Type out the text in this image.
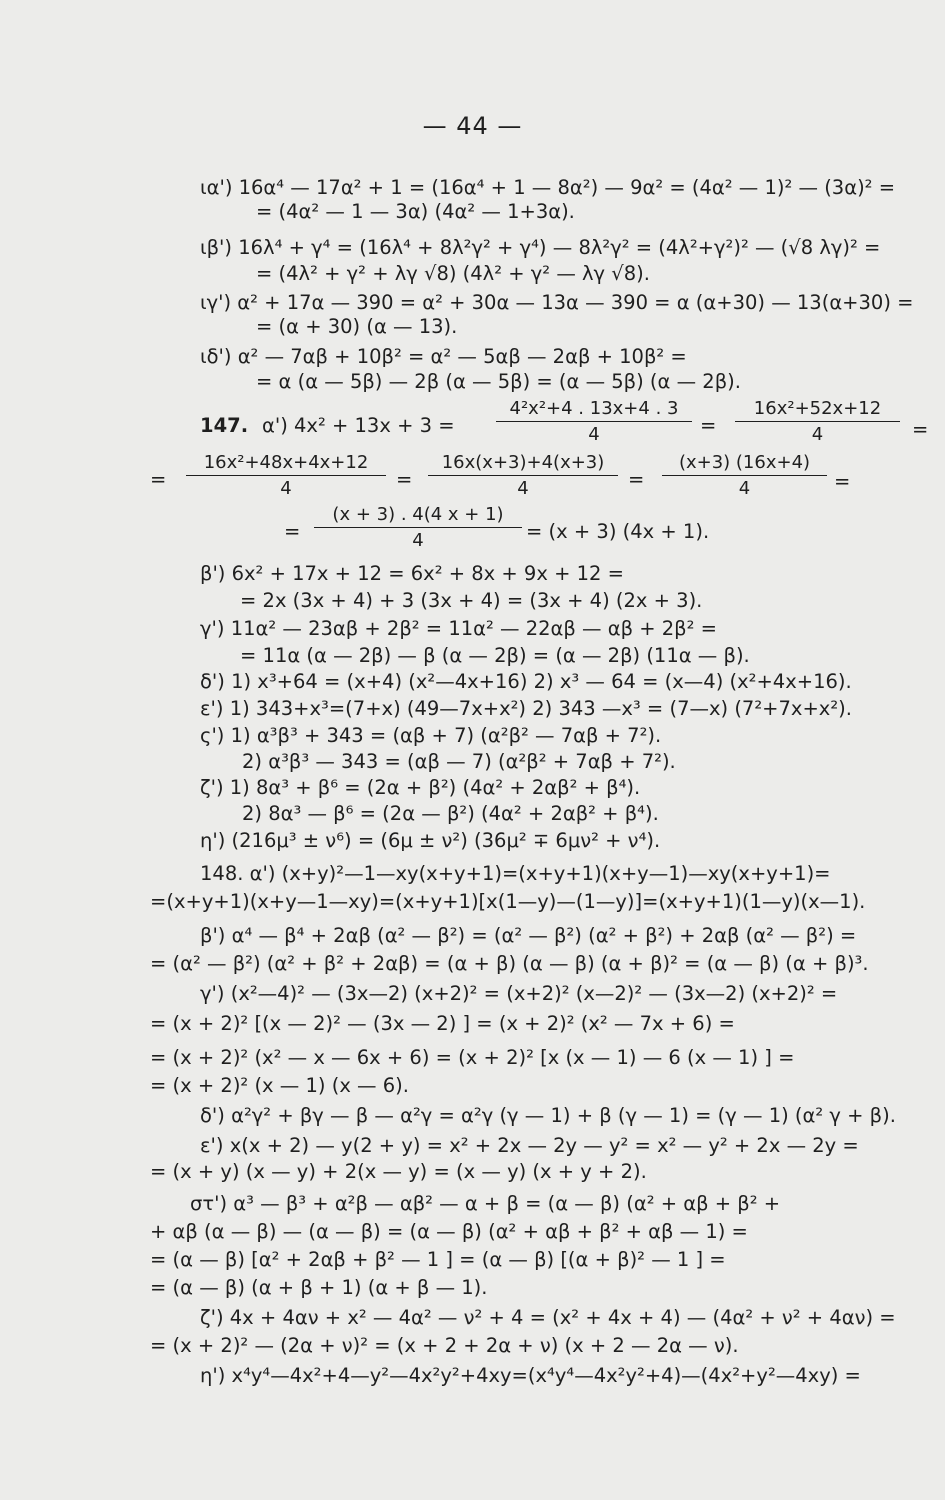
— 44 —
ια') 16α⁴ — 17α² + 1 = (16α⁴ + 1 — 8α²) — 9α² = (4α² — 1)² — (3α)² =
= (4α² — 1 — 3α) (4α² — 1+3α).
ιβ') 16λ⁴ + γ⁴ = (16λ⁴ + 8λ²γ² + γ⁴) — 8λ²γ² = (4λ²+γ²)² — (√8 λγ)² =
= (4λ² + γ² + λγ √8) (4λ² + γ² — λγ √8).
ιγ') α² + 17α — 390 = α² + 30α — 13α — 390 = α (α+30) — 13(α+30) =
= (α + 30) (α — 13).
ιδ') α² — 7αβ + 10β² = α² — 5αβ — 2αβ + 10β² =
= α (α — 5β) — 2β (α — 5β) = (α — 5β) (α — 2β).
147. α') 4x² + 13x + 3 =
4²x²+4 . 13x+4 . 3
4	=
16x²+52x+12
4	=
=
16x²+48x+4x+12
4	=
16x(x+3)+4(x+3)
4	=
(x+3) (16x+4)
4	=
=
(x + 3) . 4(4 x + 1)
4	= (x + 3) (4x + 1).
β') 6x² + 17x + 12 = 6x² + 8x + 9x + 12 =
= 2x (3x + 4) + 3 (3x + 4) = (3x + 4) (2x + 3).
γ') 11α² — 23αβ + 2β² = 11α² — 22αβ — αβ + 2β² =
= 11α (α — 2β) — β (α — 2β) = (α — 2β) (11α — β).
δ') 1) x³+64 = (x+4) (x²—4x+16) 2) x³ — 64 = (x—4) (x²+4x+16).
ε') 1) 343+x³=(7+x) (49—7x+x²) 2) 343 —x³ = (7—x) (7²+7x+x²).
ς') 1) α³β³ + 343 = (αβ + 7) (α²β² — 7αβ + 7²).
2) α³β³ — 343 = (αβ — 7) (α²β² + 7αβ + 7²).
ζ') 1) 8α³ + β⁶ = (2α + β²) (4α² + 2αβ² + β⁴).
2) 8α³ — β⁶ = (2α — β²) (4α² + 2αβ² + β⁴).
η') (216μ³ ± ν⁶) = (6μ ± ν²) (36μ² ∓ 6μν² + ν⁴).
148. α') (x+y)²—1—xy(x+y+1)=(x+y+1)(x+y—1)—xy(x+y+1)=
=(x+y+1)(x+y—1—xy)=(x+y+1)[x(1—y)—(1—y)]=(x+y+1)(1—y)(x—1).
β') α⁴ — β⁴ + 2αβ (α² — β²) = (α² — β²) (α² + β²) + 2αβ (α² — β²) =
= (α² — β²) (α² + β² + 2αβ) = (α + β) (α — β) (α + β)² = (α — β) (α + β)³.
γ') (x²—4)² — (3x—2) (x+2)² = (x+2)² (x—2)² — (3x—2) (x+2)² =
= (x + 2)² [(x — 2)² — (3x — 2) ] = (x + 2)² (x² — 7x + 6) =
= (x + 2)² (x² — x — 6x + 6) = (x + 2)² [x (x — 1) — 6 (x — 1) ] =
= (x + 2)² (x — 1) (x — 6).
δ') α²γ² + βγ — β — α²γ = α²γ (γ — 1) + β (γ — 1) = (γ — 1) (α² γ + β).
ε') x(x + 2) — y(2 + y) = x² + 2x — 2y — y² = x² — y² + 2x — 2y =
= (x + y) (x — y) + 2(x — y) = (x — y) (x + y + 2).
στ') α³ — β³ + α²β — αβ² — α + β = (α — β) (α² + αβ + β² +
+ αβ (α — β) — (α — β) = (α — β) (α² + αβ + β² + αβ — 1) =
= (α — β) [α² + 2αβ + β² — 1 ] = (α — β) [(α + β)² — 1 ] =
= (α — β) (α + β + 1) (α + β — 1).
ζ') 4x + 4αν + x² — 4α² — ν² + 4 = (x² + 4x + 4) — (4α² + ν² + 4αν) =
= (x + 2)² — (2α + ν)² = (x + 2 + 2α + ν) (x + 2 — 2α — ν).
η') x⁴y⁴—4x²+4—y²—4x²y²+4xy=(x⁴y⁴—4x²y²+4)—(4x²+y²—4xy) =
